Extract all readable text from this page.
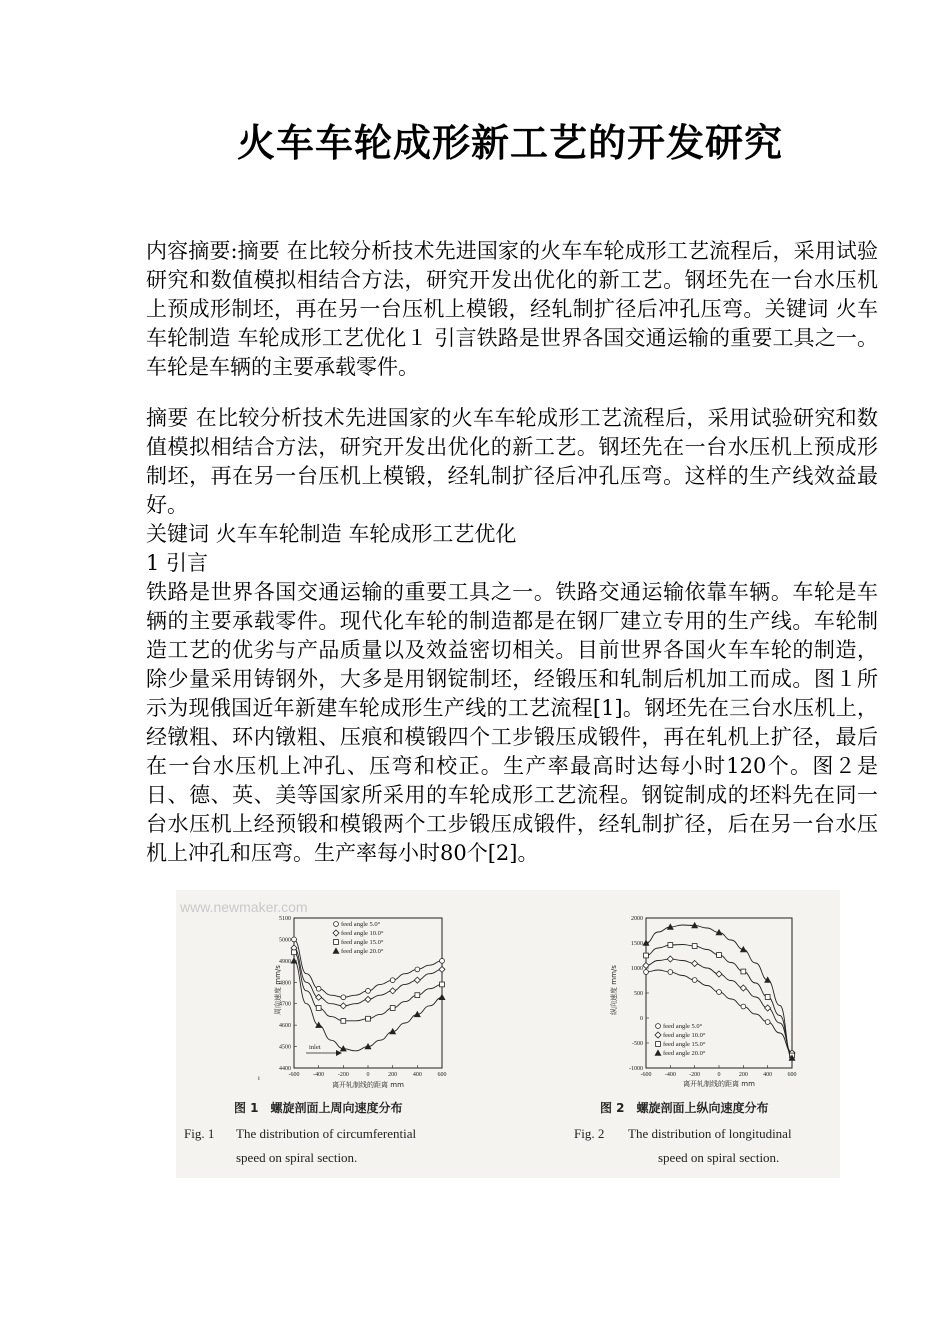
火车车轮成形新工艺的开发研究
内容摘要:摘要 在比较分析技术先进国家的火车车轮成形工艺流程后，采用试验研究和数值模拟相结合方法，研究开发出优化的新工艺。钢坯先在一台水压机上预成形制坯，再在另一台压机上模锻，经轧制扩径后冲孔压弯。关键词 火车车轮制造 车轮成形工艺优化１ 引言铁路是世界各国交通运输的重要工具之一。车轮是车辆的主要承载零件。
摘要 在比较分析技术先进国家的火车车轮成形工艺流程后，采用试验研究和数值模拟相结合方法，研究开发出优化的新工艺。钢坯先在一台水压机上预成形制坯，再在另一台压机上模锻，经轧制扩径后冲孔压弯。这样的生产线效益最好。
关键词 火车车轮制造 车轮成形工艺优化
1 引言
铁路是世界各国交通运输的重要工具之一。铁路交通运输依靠车辆。车轮是车辆的主要承载零件。现代化车轮的制造都是在钢厂建立专用的生产线。车轮制造工艺的优劣与产品质量以及效益密切相关。目前世界各国火车车轮的制造，除少量采用铸钢外，大多是用钢锭制坯，经锻压和轧制后机加工而成。图１所示为现俄国近年新建车轮成形生产线的工艺流程[1]。钢坯先在三台水压机上，经镦粗、环内镦粗、压痕和模锻四个工步锻压成锻件，再在轧机上扩径，最后在一台水压机上冲孔、压弯和校正。生产率最高时达每小时120个。图２是日、德、英、美等国家所采用的车轮成形工艺流程。钢锭制成的坯料先在同一台水压机上经预锻和模锻两个工步锻压成锻件，经轧制扩径，后在另一台水压机上冲孔和压弯。生产率每小时80个[2]。
www.newmaker.com
4400
4500
4600
4700
4800
4900
5000
5100
-600 -400 -200	0	200	400	600
feed angle 5.0°
feed angle 10.0°
feed angle 15.0°
feed angle 20.0°
周向速度 mm/s
离开轧制线的距离 mm
inlet
i
图 1　螺旋剖面上周向速度分布
Fig. 1 The distribution of circumferential
speed on spiral section.
-1000
-500
0
500
1000
1500
2000
-600 -400 -200	0	200	400	600
feed angle 5.0°
feed angle 10.0°
feed angle 15.0°
feed angle 20.0°
纵向速度 mm/s
离开轧制线的距离 mm
图 2　螺旋剖面上纵向速度分布
Fig. 2 The distribution of longitudinal
speed on spiral section.
